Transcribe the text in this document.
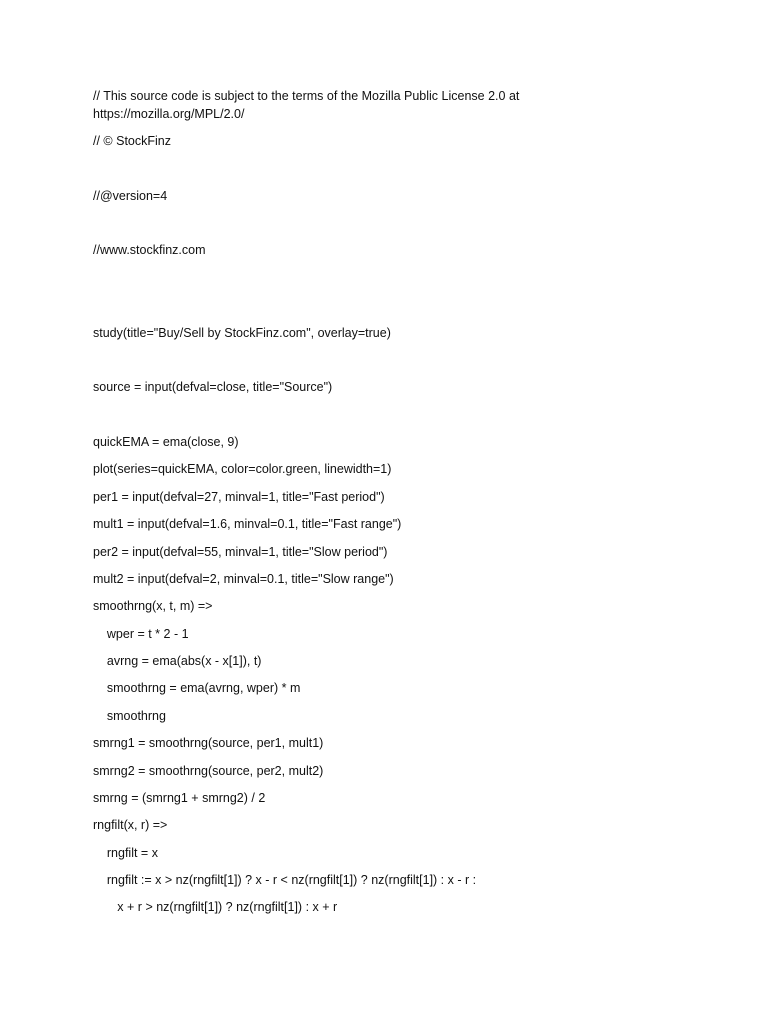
// This source code is subject to the terms of the Mozilla Public License 2.0 at
https://mozilla.org/MPL/2.0/
// © StockFinz
//@version=4
//www.stockfinz.com
study(title="Buy/Sell by StockFinz.com", overlay=true)
source = input(defval=close, title="Source")
quickEMA = ema(close, 9)
plot(series=quickEMA, color=color.green, linewidth=1)
per1 = input(defval=27, minval=1, title="Fast period")
mult1 = input(defval=1.6, minval=0.1, title="Fast range")
per2 = input(defval=55, minval=1, title="Slow period")
mult2 = input(defval=2, minval=0.1, title="Slow range")
smoothrng(x, t, m) =>
wper = t * 2 - 1
avrng = ema(abs(x - x[1]), t)
smoothrng = ema(avrng, wper) * m
smoothrng
smrng1 = smoothrng(source, per1, mult1)
smrng2 = smoothrng(source, per2, mult2)
smrng = (smrng1 + smrng2) / 2
rngfilt(x, r) =>
rngfilt = x
rngfilt := x > nz(rngfilt[1]) ? x - r < nz(rngfilt[1]) ? nz(rngfilt[1]) : x - r :
x + r > nz(rngfilt[1]) ? nz(rngfilt[1]) : x + r
